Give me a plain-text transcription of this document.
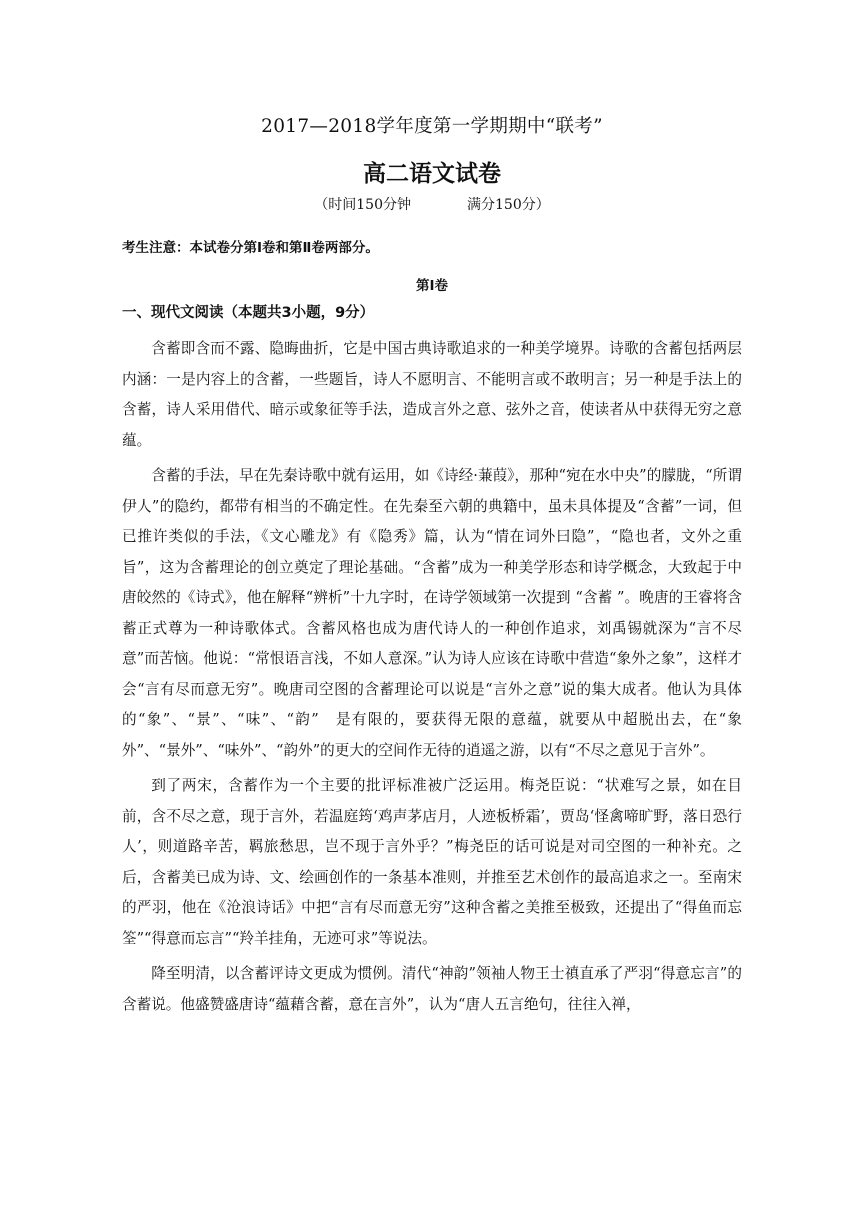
2017—2018学年度第一学期期中“联考”
高二语文试卷
（时间150分钟	满分150分）
考生注意：本试卷分第Ⅰ卷和第Ⅱ卷两部分。
第Ⅰ卷
一、现代文阅读（本题共3小题，9分）

含蓄即含而不露、隐晦曲折，它是中国古典诗歌追求的一种美学境界。诗歌的含蓄包括两层内涵：一是内容上的含蓄，一些题旨，诗人不愿明言、不能明言或不敢明言；另一种是手法上的含蓄，诗人采用借代、暗示或象征等手法，造成言外之意、弦外之音，使读者从中获得无穷之意蕴。

含蓄的手法，早在先秦诗歌中就有运用，如《诗经·蒹葭》，那种“宛在水中央”的朦胧，“所谓伊人”的隐约，都带有相当的不确定性。在先秦至六朝的典籍中，虽未具体提及“含蓄”一词，但已推许类似的手法，《文心雕龙》有《隐秀》篇，认为“情在词外曰隐”，“隐也者，文外之重旨”，这为含蓄理论的创立奠定了理论基础。“含蓄”成为一种美学形态和诗学概念，大致起于中唐皎然的《诗式》，他在解释“辨析”十九字时，在诗学领域第一次提到 “含蓄 ”。晚唐的王睿将含蓄正式尊为一种诗歌体式。含蓄风格也成为唐代诗人的一种创作追求，刘禹锡就深为“言不尽意”而苦恼。他说：“常恨语言浅，不如人意深。”认为诗人应该在诗歌中营造“象外之象”，这样才会“言有尽而意无穷”。晚唐司空图的含蓄理论可以说是“言外之意”说的集大成者。他认为具体的“象”、“景”、“味”、“韵”　是有限的，要获得无限的意蕴，就要从中超脱出去，在“象外”、“景外”、“味外”、“韵外”的更大的空间作无待的逍遥之游，以有“不尽之意见于言外”。

到了两宋，含蓄作为一个主要的批评标准被广泛运用。梅尧臣说：“状难写之景，如在目前，含不尽之意，现于言外，若温庭筠‘鸡声茅店月，人迹板桥霜’，贾岛‘怪禽啼旷野，落日恐行人’，则道路辛苦，羁旅愁思，岂不现于言外乎？”梅尧臣的话可说是对司空图的一种补充。之后，含蓄美已成为诗、文、绘画创作的一条基本准则，并推至艺术创作的最高追求之一。至南宋的严羽，他在《沧浪诗话》中把“言有尽而意无穷”这种含蓄之美推至极致，还提出了“得鱼而忘筌”“得意而忘言”“羚羊挂角，无迹可求”等说法。

降至明清，以含蓄评诗文更成为惯例。清代“神韵”领袖人物王士禛直承了严羽“得意忘言”的含蓄说。他盛赞盛唐诗“蕴藉含蓄，意在言外”，认为“唐人五言绝句，往往入禅，
